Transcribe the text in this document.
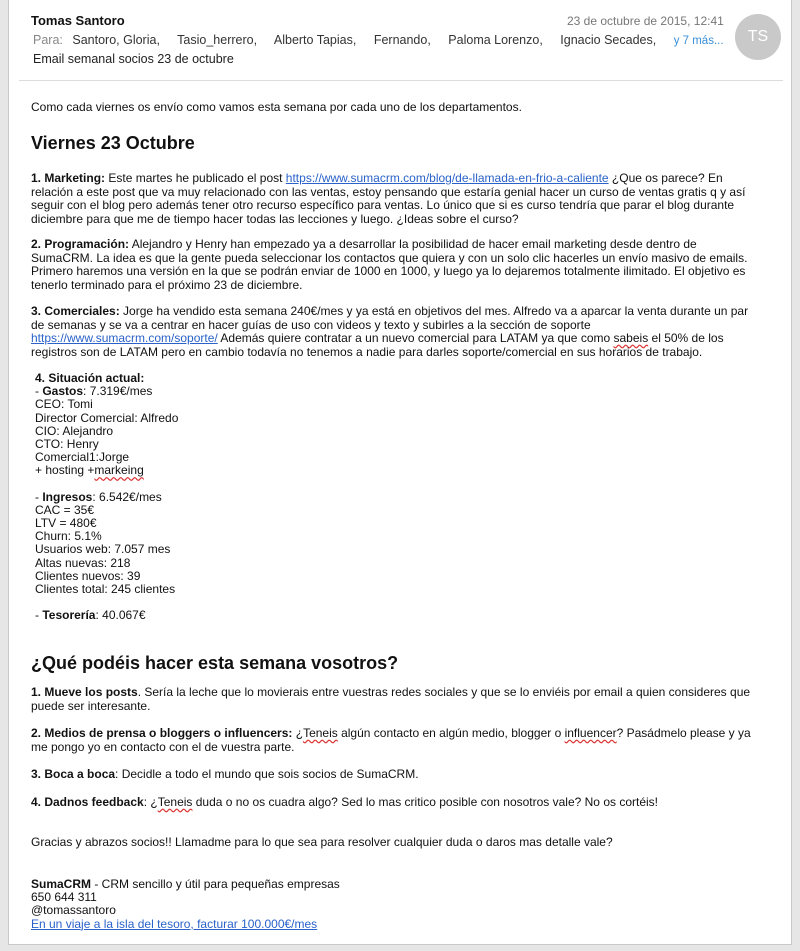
Tomas Santoro	23 de octubre de 2015, 12:41
Para: Santoro, Gloria, Tasio_herrero, Alberto Tapias, Fernando, Paloma Lorenzo, Ignacio Secades, y 7 más...
Email semanal socios 23 de octubre
TS

Como cada viernes os envío como vamos esta semana por cada uno de los departamentos.

Viernes 23 Octubre

1. Marketing: Este martes he publicado el post https://www.sumacrm.com/blog/de-llamada-en-frio-a-caliente ¿Que os parece? En relación a este post que va muy relacionado con las ventas, estoy pensando que estaría genial hacer un curso de ventas gratis q y así seguir con el blog pero además tener otro recurso específico para ventas. Lo único que si es curso tendría que parar el blog durante diciembre para que me de tiempo hacer todas las lecciones y luego. ¿Ideas sobre el curso?

2. Programación: Alejandro y Henry han empezado ya a desarrollar la posibilidad de hacer email marketing desde dentro de SumaCRM. La idea es que la gente pueda seleccionar los contactos que quiera y con un solo clic hacerles un envío masivo de emails. Primero haremos una versión en la que se podrán enviar de 1000 en 1000, y luego ya lo dejaremos totalmente ilimitado. El objetivo es tenerlo terminado para el próximo 23 de diciembre.

3. Comerciales: Jorge ha vendido esta semana 240€/mes y ya está en objetivos del mes. Alfredo va a aparcar la venta durante un par de semanas y se va a centrar en hacer guías de uso con videos y texto y subirles a la sección de soporte https://www.sumacrm.com/soporte/ Además quiere contratar a un nuevo comercial para LATAM ya que como sabeis el 50% de los registros son de LATAM pero en cambio todavía no tenemos a nadie para darles soporte/comercial en sus horarios de trabajo.

4. Situación actual:
- Gastos: 7.319€/mes
CEO: Tomi
Director Comercial: Alfredo
CIO: Alejandro
CTO: Henry
Comercial1:Jorge
+ hosting +markeing
- Ingresos: 6.542€/mes
CAC = 35€
LTV = 480€
Churn: 5.1%
Usuarios web: 7.057 mes
Altas nuevas: 218
Clientes nuevos: 39
Clientes total: 245 clientes
- Tesorería: 40.067€
¿Qué podéis hacer esta semana vosotros?

1. Mueve los posts. Sería la leche que lo movierais entre vuestras redes sociales y que se lo enviéis por email a quien consideres que puede ser interesante.

2. Medios de prensa o bloggers o influencers: ¿Teneis algún contacto en algún medio, blogger o influencer? Pasádmelo please y ya me pongo yo en contacto con el de vuestra parte.

3. Boca a boca: Decidle a todo el mundo que sois socios de SumaCRM.

4. Dadnos feedback: ¿Teneis duda o no os cuadra algo? Sed lo mas critico posible con nosotros vale? No os cortéis!

Gracias y abrazos socios!! Llamadme para lo que sea para resolver cualquier duda o daros mas detalle vale?

SumaCRM - CRM sencillo y útil para pequeñas empresas
650 644 311
@tomassantoro
En un viaje a la isla del tesoro, facturar 100.000€/mes
